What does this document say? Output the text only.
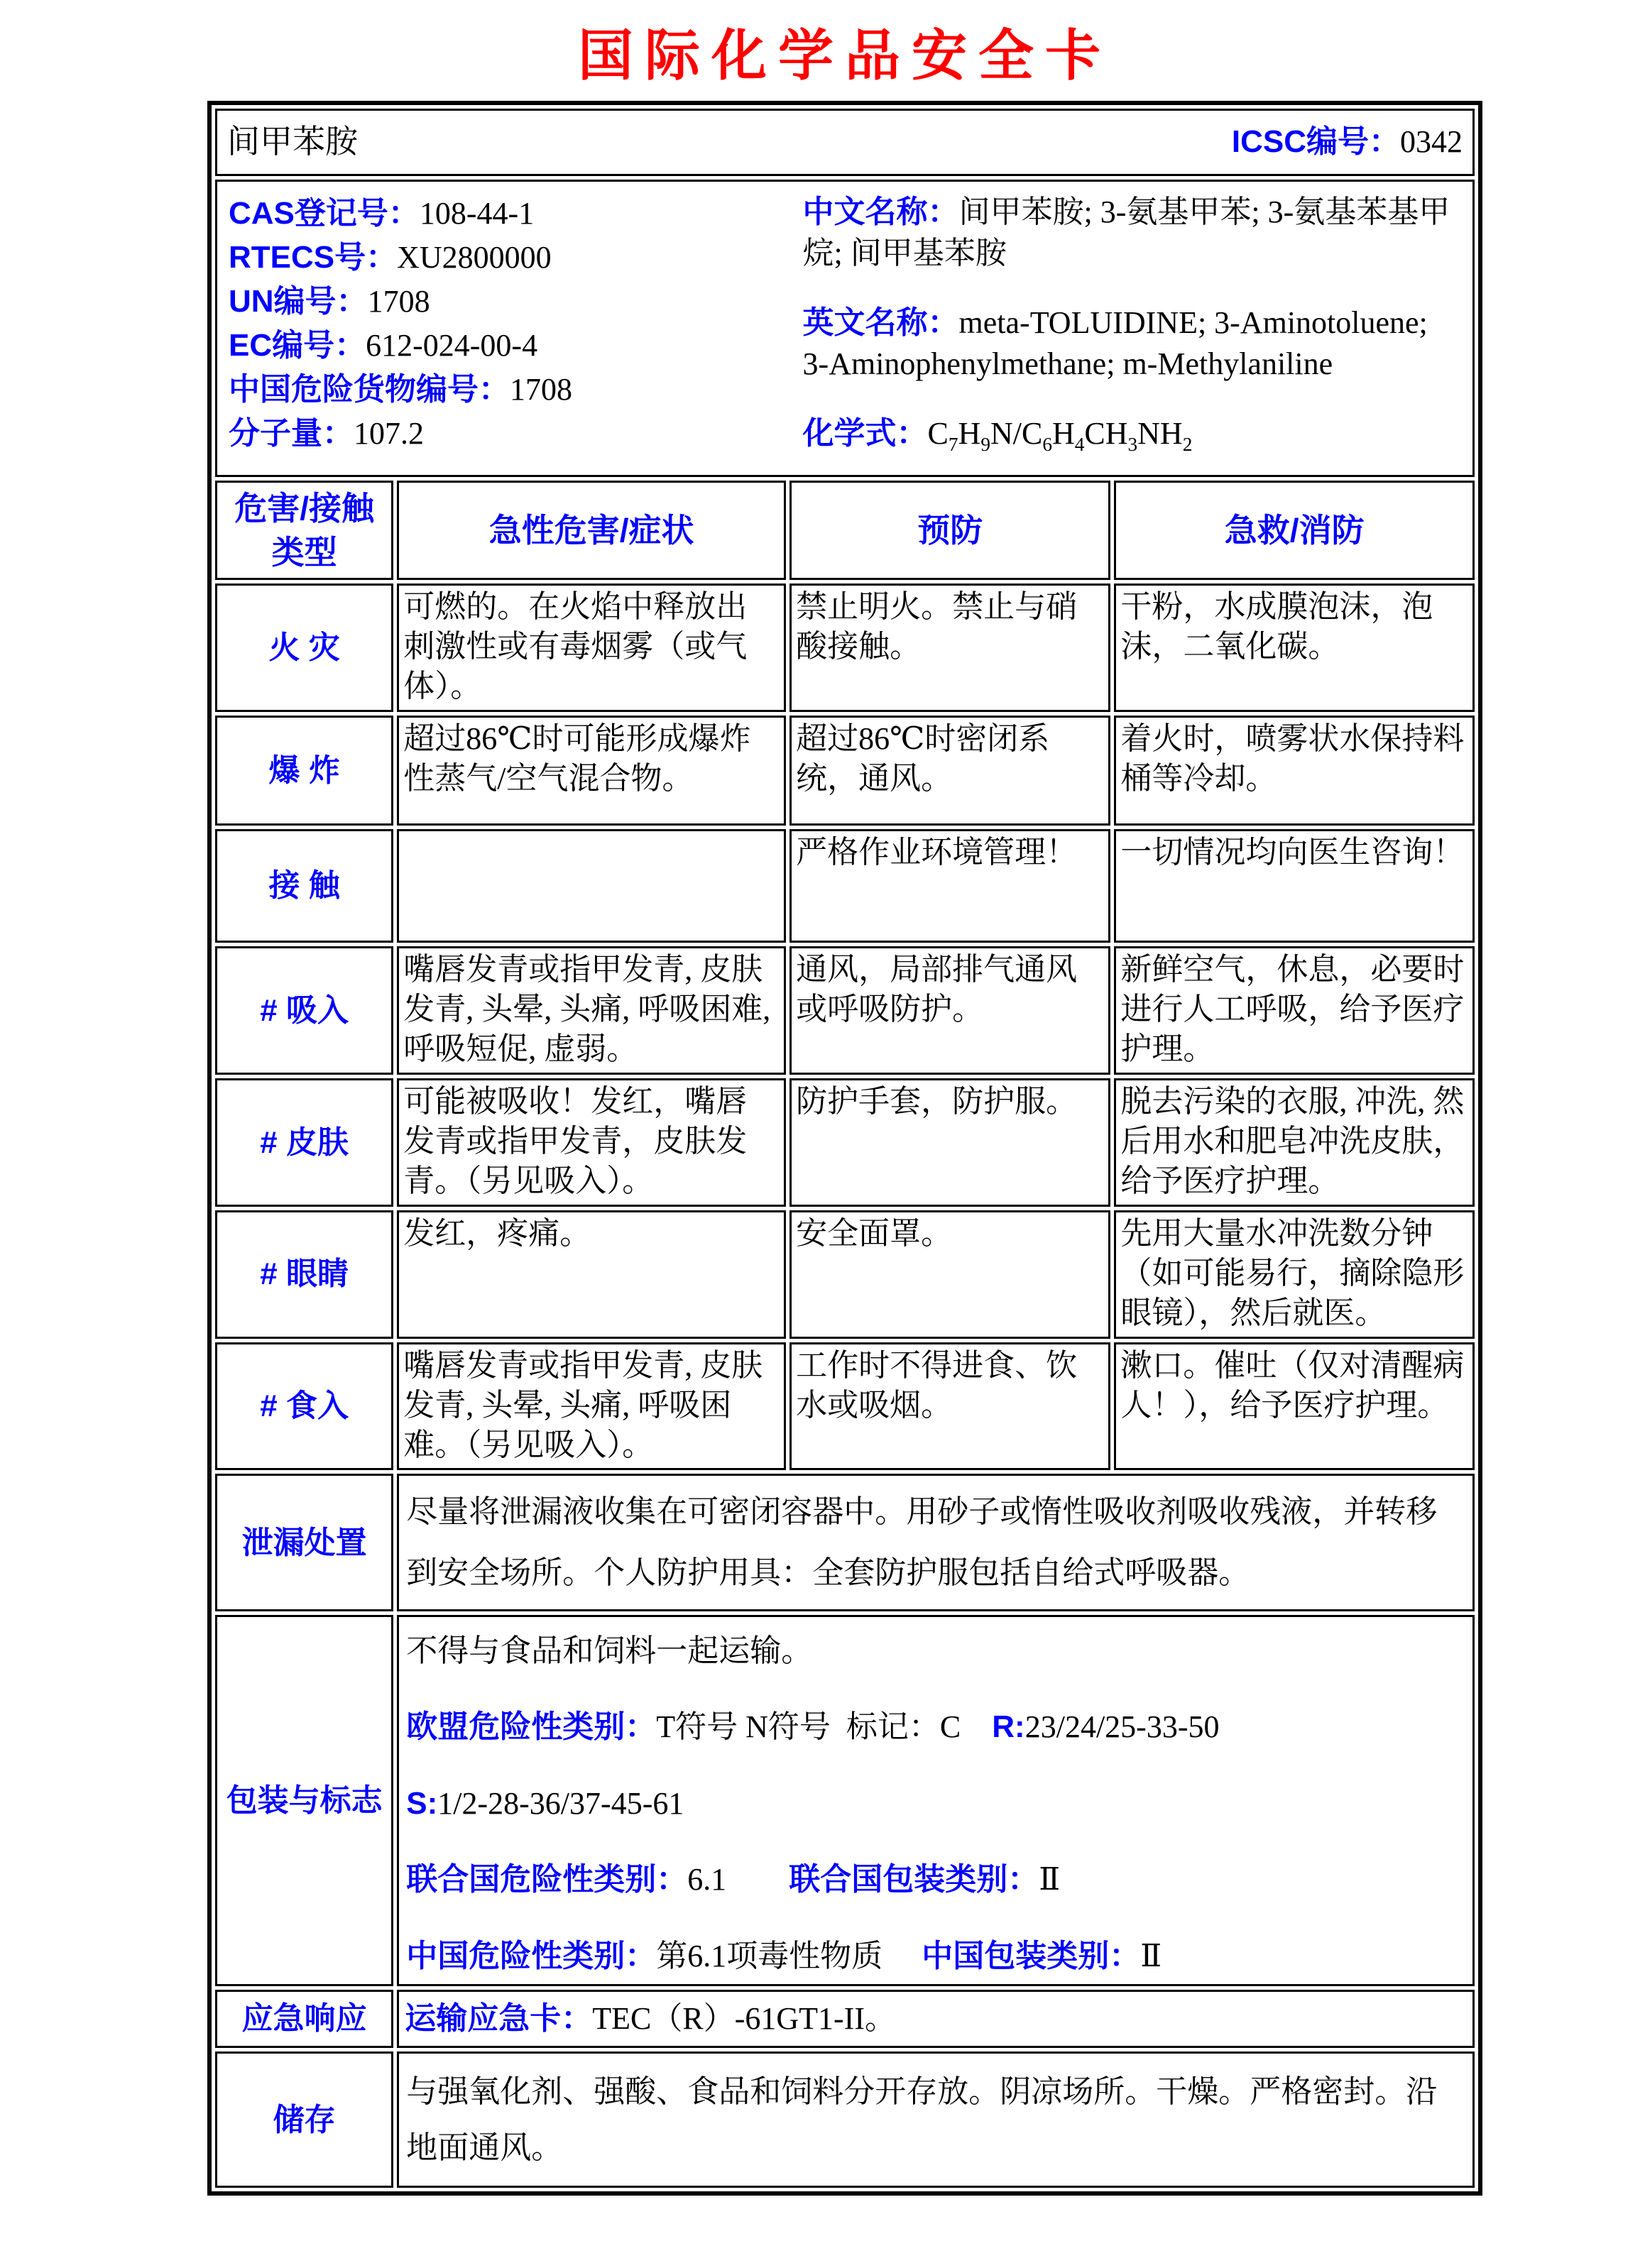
国际化学品安全卡
间甲苯胺 ICSC编号：0342			

CAS登记号：108-44-1

RTECS号：XU2800000

UN编号：1708

EC编号：612-024-00-4

中国危险货物编号：1708

分子量：107.2

中文名称：间甲苯胺; 3-氨基甲苯; 3-氨基苯基甲烷; 间甲基苯胺

英文名称：meta-TOLUIDINE; 3-Aminotoluene; 3-Aminophenylmethane; m-Methylaniline

化学式：$C_7H_9N/C_6H_4CH_3NH_2$

危害/接触
类型	急性危害/症状	预防	急救/消防
火 灾	可燃的。在火焰中释放出刺激性或有毒烟雾（或气体）。	禁止明火。禁止与硝酸接触。	干粉，水成膜泡沫，泡沫，二氧化碳。
爆 炸	超过86℃时可能形成爆炸性蒸气/空气混合物。	超过86℃时密闭系统，通风。	着火时，喷雾状水保持料桶等冷却。
接 触		严格作业环境管理！	一切情况均向医生咨询！
# 吸入	嘴唇发青或指甲发青, 皮肤发青, 头晕, 头痛, 呼吸困难, 呼吸短促, 虚弱。	通风，局部排气通风或呼吸防护。	新鲜空气，休息，必要时进行人工呼吸，给予医疗护理。
# 皮肤	可能被吸收！发红，嘴唇发青或指甲发青，皮肤发青。（另见吸入）。	防护手套，防护服。	脱去污染的衣服, 冲洗, 然后用水和肥皂冲洗皮肤，给予医疗护理。
# 眼睛	发红，疼痛。	安全面罩。	先用大量水冲洗数分钟（如可能易行，摘除隐形眼镜），然后就医。
# 食入	嘴唇发青或指甲发青, 皮肤发青, 头晕, 头痛, 呼吸困难。（另见吸入）。	工作时不得进食、饮水或吸烟。	漱口。催吐（仅对清醒病人！），给予医疗护理。
泄漏处置	尽量将泄漏液收集在可密闭容器中。用砂子或惰性吸收剂吸收残液，并转移到安全场所。个人防护用具：全套防护服包括自给式呼吸器。		
包装与标志	不得与食品和饲料一起运输。

欧盟危险性类别：T符号 N符号  标记：C    R:23/24/25-33-50

S:1/2-28-36/37-45-61

联合国危险性类别：6.1　　联合国包装类别：Ⅱ

中国危险性类别：第6.1项毒性物质　 中国包装类别：Ⅱ		

应急响应	运输应急卡：TEC（R）-61GT1-II。		
储存	与强氧化剂、强酸、食品和饲料分开存放。阴凉场所。干燥。严格密封。沿地面通风。		
